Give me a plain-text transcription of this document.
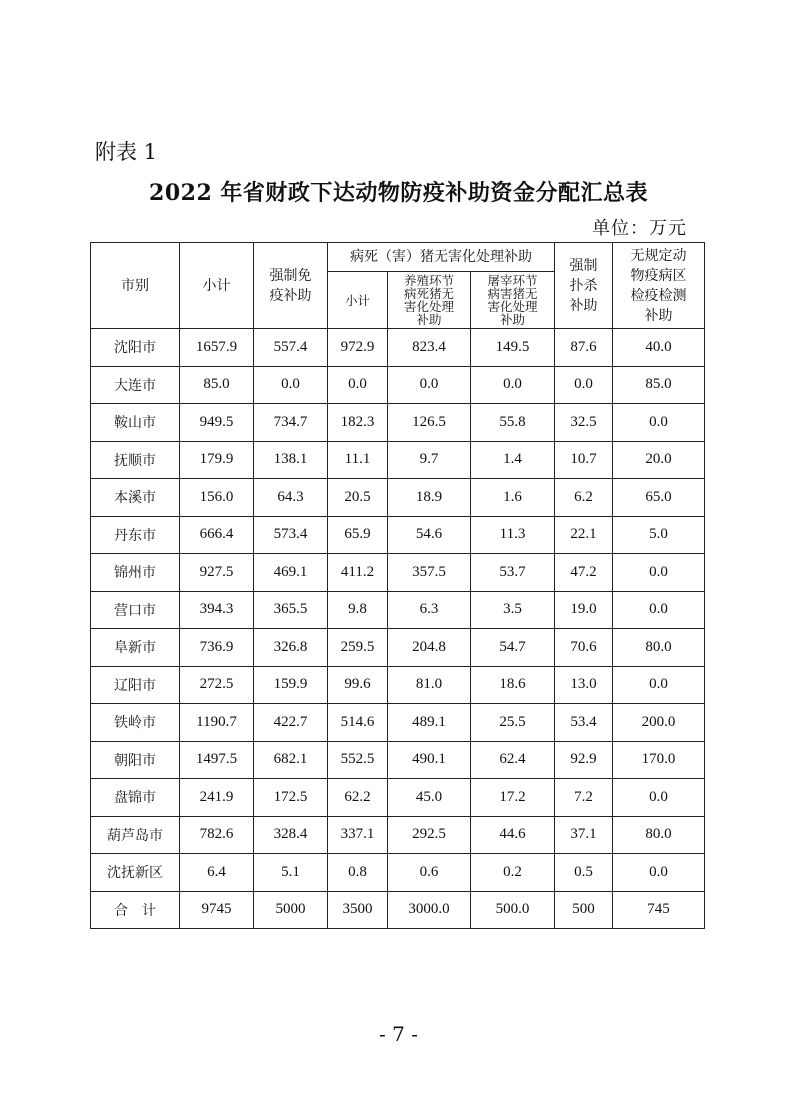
附表 1
2022 年省财政下达动物防疫补助资金分配汇总表
单位：万元
市别	小计	强制免疫补助	病死（害）猪无害化处理补助			强制扑杀补助	无规定动物疫病区检疫检测补助
			小计	养殖环节病死猪无害化处理补助	屠宰环节病害猪无害化处理补助		
沈阳市	1657.9	557.4	972.9	823.4	149.5	87.6	40.0
大连市	85.0	0.0	0.0	0.0	0.0	0.0	85.0
鞍山市	949.5	734.7	182.3	126.5	55.8	32.5	0.0
抚顺市	179.9	138.1	11.1	9.7	1.4	10.7	20.0
本溪市	156.0	64.3	20.5	18.9	1.6	6.2	65.0
丹东市	666.4	573.4	65.9	54.6	11.3	22.1	5.0
锦州市	927.5	469.1	411.2	357.5	53.7	47.2	0.0
营口市	394.3	365.5	9.8	6.3	3.5	19.0	0.0
阜新市	736.9	326.8	259.5	204.8	54.7	70.6	80.0
辽阳市	272.5	159.9	99.6	81.0	18.6	13.0	0.0
铁岭市	1190.7	422.7	514.6	489.1	25.5	53.4	200.0
朝阳市	1497.5	682.1	552.5	490.1	62.4	92.9	170.0
盘锦市	241.9	172.5	62.2	45.0	17.2	7.2	0.0
葫芦岛市	782.6	328.4	337.1	292.5	44.6	37.1	80.0
沈抚新区	6.4	5.1	0.8	0.6	0.2	0.5	0.0
合　计	9745	5000	3500	3000.0	500.0	500	745
- 7 -
